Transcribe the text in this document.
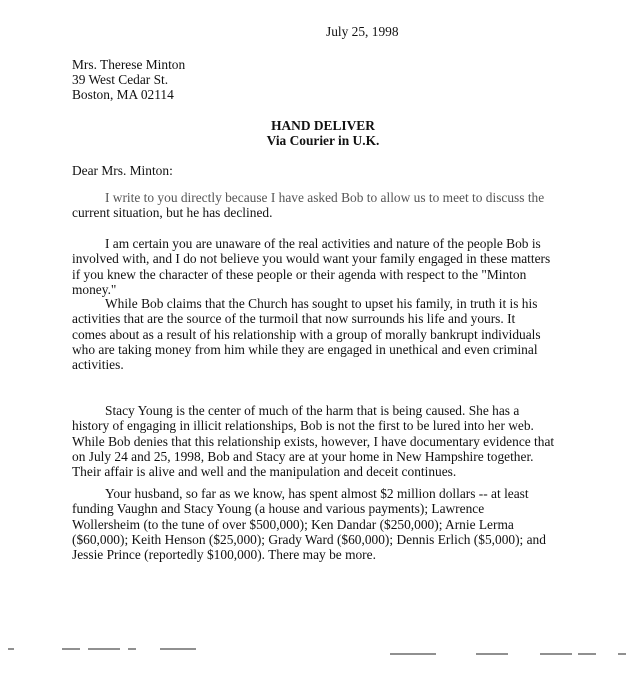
July 25, 1998
Mrs. Therese Minton
39 West Cedar St.
Boston, MA 02114
HAND DELIVER
Via Courier in U.K.
Dear Mrs. Minton:
I write to you directly because I have asked Bob to allow us to meet to discuss the
current situation, but he has declined.
I am certain you are unaware of the real activities and nature of the people Bob is
involved with, and I do not believe you would want your family engaged in these matters
if you knew the character of these people or their agenda with respect to the "Minton
money."
While Bob claims that the Church has sought to upset his family, in truth it is his
activities that are the source of the turmoil that now surrounds his life and yours. It
comes about as a result of his relationship with a group of morally bankrupt individuals
who are taking money from him while they are engaged in unethical and even criminal
activities.
Stacy Young is the center of much of the harm that is being caused. She has a
history of engaging in illicit relationships, Bob is not the first to be lured into her web.
While Bob denies that this relationship exists, however, I have documentary evidence that
on July 24 and 25, 1998, Bob and Stacy are at your home in New Hampshire together.
Their affair is alive and well and the manipulation and deceit continues.
Your husband, so far as we know, has spent almost $2 million dollars -- at least
funding Vaughn and Stacy Young (a house and various payments); Lawrence
Wollersheim (to the tune of over $500,000); Ken Dandar ($250,000); Arnie Lerma
($60,000); Keith Henson ($25,000); Grady Ward ($60,000); Dennis Erlich ($5,000); and
Jessie Prince (reportedly $100,000). There may be more.
